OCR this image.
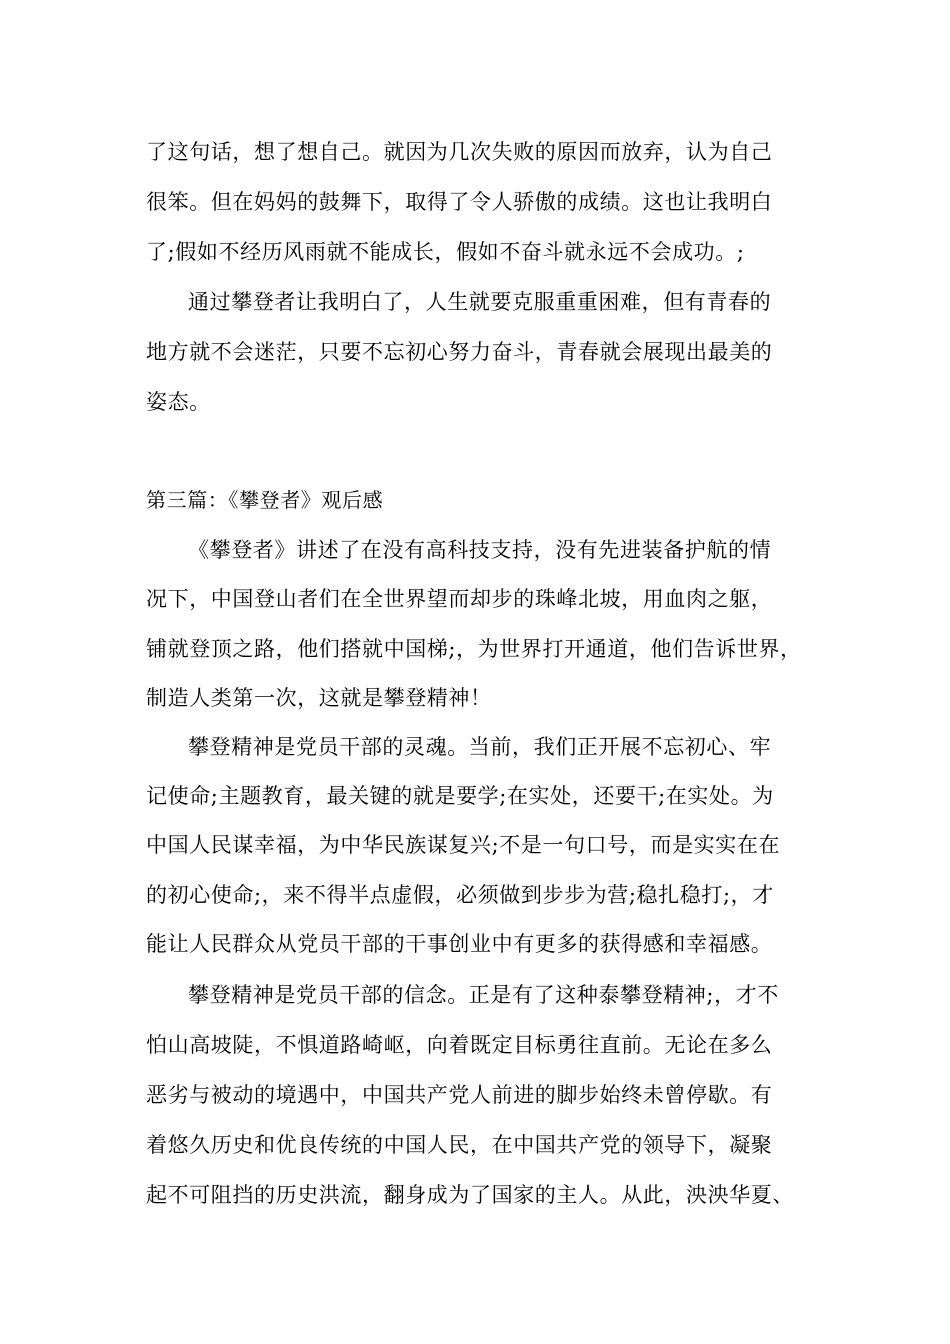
了这句话，想了想自己。就因为几次失败的原因而放弃，认为自己

很笨。但在妈妈的鼓舞下，取得了令人骄傲的成绩。这也让我明白

了;假如不经历风雨就不能成长，假如不奋斗就永远不会成功。;

通过攀登者让我明白了，人生就要克服重重困难，但有青春的

地方就不会迷茫，只要不忘初心努力奋斗，青春就会展现出最美的

姿态。

第三篇：《攀登者》观后感

《攀登者》讲述了在没有高科技支持，没有先进装备护航的情

况下，中国登山者们在全世界望而却步的珠峰北坡，用血肉之躯，

铺就登顶之路，他们搭就中国梯;，为世界打开通道，他们告诉世界，

制造人类第一次，这就是攀登精神！

攀登精神是党员干部的灵魂。当前，我们正开展不忘初心、牢

记使命;主题教育，最关键的就是要学;在实处，还要干;在实处。为

中国人民谋幸福，为中华民族谋复兴;不是一句口号，而是实实在在

的初心使命;，来不得半点虚假，必须做到步步为营;稳扎稳打;，才

能让人民群众从党员干部的干事创业中有更多的获得感和幸福感。

攀登精神是党员干部的信念。正是有了这种泰攀登精神;，才不

怕山高坡陡，不惧道路崎岖，向着既定目标勇往直前。无论在多么

恶劣与被动的境遇中，中国共产党人前进的脚步始终未曾停歇。有

着悠久历史和优良传统的中国人民，在中国共产党的领导下，凝聚

起不可阻挡的历史洪流，翻身成为了国家的主人。从此，泱泱华夏、
